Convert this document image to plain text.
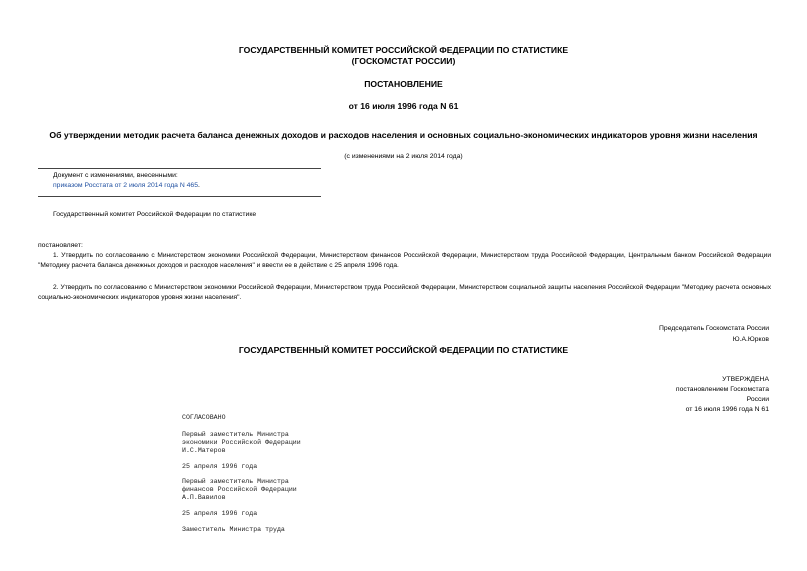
ГОСУДАРСТВЕННЫЙ КОМИТЕТ РОССИЙСКОЙ ФЕДЕРАЦИИ ПО СТАТИСТИКЕ
(ГОСКОМСТАТ РОССИИ)
ПОСТАНОВЛЕНИЕ
от 16 июля 1996 года N 61
Об утверждении методик расчета баланса денежных доходов и расходов населения и основных социально-экономических индикаторов уровня жизни населения
(с изменениями на 2 июля 2014 года)
Документ с изменениями, внесенными:
приказом Росстата от 2 июля 2014 года N 465.
Государственный комитет Российской Федерации по статистике
постановляет:
1. Утвердить по согласованию с Министерством экономики Российской Федерации, Министерством финансов Российской Федерации, Министерством труда Российской Федерации, Центральным банком Российской Федерации "Методику расчета баланса денежных доходов и расходов населения" и ввести ее в действие с 25 апреля 1996 года.
2. Утвердить по согласованию с Министерством экономики Российской Федерации, Министерством труда Российской Федерации, Министерством социальной защиты населения Российской Федерации "Методику расчета основных социально-экономических индикаторов уровня жизни населения".
Председатель Госкомстата России
Ю.А.Юрков
ГОСУДАРСТВЕННЫЙ КОМИТЕТ РОССИЙСКОЙ ФЕДЕРАЦИИ ПО СТАТИСТИКЕ
УТВЕРЖДЕНА
постановлением Госкомстата
России
от 16 июля 1996 года N 61
СОГЛАСОВАНО
Первый заместитель Министра
экономики Российской Федерации
И.С.Матеров
25 апреля 1996 года
Первый заместитель Министра
финансов Российской Федерации
А.П.Вавилов
25 апреля 1996 года
Заместитель Министра труда
